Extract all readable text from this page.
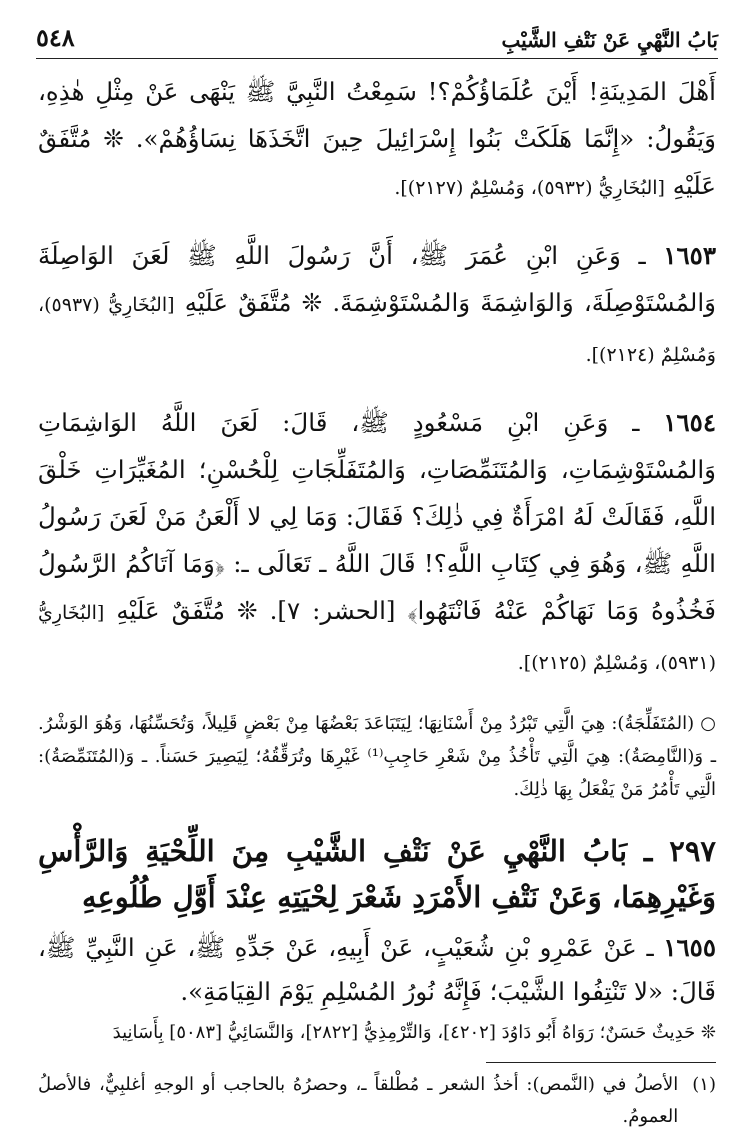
بَابُ النَّهْيِ عَنْ نَتْفِ الشَّيْبِ
٥٤٨

أَهْلَ المَدِينَةِ! أَيْنَ عُلَمَاؤُكُمْ؟! سَمِعْتُ النَّبِيَّ ﷺ يَنْهَى عَنْ مِثْلِ هٰذِهِ، وَيَقُولُ: «إِنَّمَا هَلَكَتْ بَنُوا إِسْرَائِيلَ حِينَ اتَّخَذَهَا نِسَاؤُهُمْ». ❊ مُتَّفَقٌ عَلَيْهِ [البُخَارِيُّ (٥٩٣٢)، وَمُسْلِمٌ (٢١٢٧)].

١٦٥٣ ـ وَعَنِ ابْنِ عُمَرَ ﷺ، أَنَّ رَسُولَ اللَّهِ ﷺ لَعَنَ الوَاصِلَةَ وَالمُسْتَوْصِلَةَ، وَالوَاشِمَةَ وَالمُسْتَوْشِمَةَ. ❊ مُتَّفَقٌ عَلَيْهِ [البُخَارِيُّ (٥٩٣٧)، وَمُسْلِمٌ (٢١٢٤)].

١٦٥٤ ـ وَعَنِ ابْنِ مَسْعُودٍ ﷺ، قَالَ: لَعَنَ اللَّهُ الوَاشِمَاتِ وَالمُسْتَوْشِمَاتِ، وَالمُتَنَمِّصَاتِ، وَالمُتَفَلِّجَاتِ لِلْحُسْنِ؛ المُغَيِّرَاتِ خَلْقَ اللَّهِ، فَقَالَتْ لَهُ امْرَأَةٌ فِي ذٰلِكَ؟ فَقَالَ: وَمَا لِي لا أَلْعَنُ مَنْ لَعَنَ رَسُولُ اللَّهِ ﷺ، وَهُوَ فِي كِتَابِ اللَّهِ؟! قَالَ اللَّهُ ـ تَعَالَى ـ: ﴿وَمَا آتَاكُمُ الرَّسُولُ فَخُذُوهُ وَمَا نَهَاكُمْ عَنْهُ فَانْتَهُوا﴾ [الحشر: ٧]. ❊ مُتَّفَقٌ عَلَيْهِ [البُخَارِيُّ (٥٩٣١)، وَمُسْلِمٌ (٢١٢٥)].

○ (المُتَفَلِّجَةُ): هِيَ الَّتِي تَبْرُدُ مِنْ أَسْنَانِهَا؛ لِيَتَبَاعَدَ بَعْضُهَا مِنْ بَعْضٍ قَلِيلاً، وَتُحَسِّنُهَا، وَهُوَ الوَشْرُ. ـ وَ(النَّامِصَةُ): هِيَ الَّتِي تَأْخُذُ مِنْ شَعْرِ حَاجِبِ⁽¹⁾ غَيْرِهَا وتُرَقِّقُهُ؛ لِيَصِيرَ حَسَناً. ـ وَ(المُتَنَمِّصَةُ): الَّتِي تَأْمُرُ مَنْ يَفْعَلُ بِهَا ذٰلِكَ.

٢٩٧ ـ بَابُ النَّهْيِ عَنْ نَتْفِ الشَّيْبِ مِنَ اللِّحْيَةِ وَالرَّأْسِ وَغَيْرِهِمَا، وَعَنْ نَتْفِ الأَمْرَدِ شَعْرَ لِحْيَتِهِ عِنْدَ أَوَّلِ طُلُوعِهِ

١٦٥٥ ـ عَنْ عَمْرِو بْنِ شُعَيْبٍ، عَنْ أَبِيهِ، عَنْ جَدِّهِ ﷺ، عَنِ النَّبِيِّ ﷺ، قَالَ: «لا تَنْتِفُوا الشَّيْبَ؛ فَإِنَّهُ نُورُ المُسْلِمِ يَوْمَ القِيَامَةِ».

❊ حَدِيثٌ حَسَنٌ؛ رَوَاهُ أَبُو دَاوُدَ [٤٢٠٢]، وَالتِّرْمِذِيُّ [٢٨٢٢]، وَالنَّسَائِيُّ [٥٠٨٣] بِأَسَانِيدَ

(١)
الأصلُ في (النَّمص): أخذُ الشعر ـ مُطْلقاً ـ، وحصرُهُ بالحاجب أو الوجهِ أغلبِيٌّ، فالأصلُ العمومُ.
